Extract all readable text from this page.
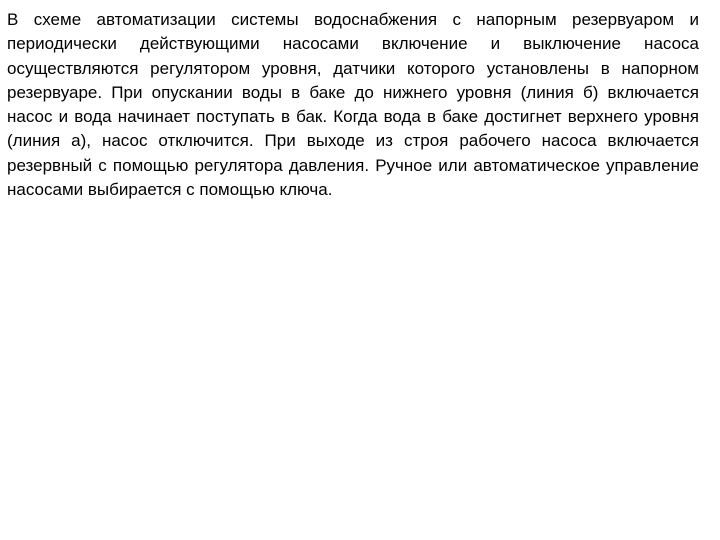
В схеме автоматизации системы водоснабжения с напорным резервуаром и периодически действующими насосами включение и выключение насоса осуществляются регулятором уровня, датчики которого установлены в напорном резервуаре. При опускании воды в баке до нижнего уровня (линия б) включается насос и вода начинает поступать в бак. Когда вода в баке достигнет верхнего уровня (линия а), насос отключится. При выходе из строя рабочего насоса включается резервный с помощью регулятора давления. Ручное или автоматическое управление насосами выбирается с помощью ключа.
